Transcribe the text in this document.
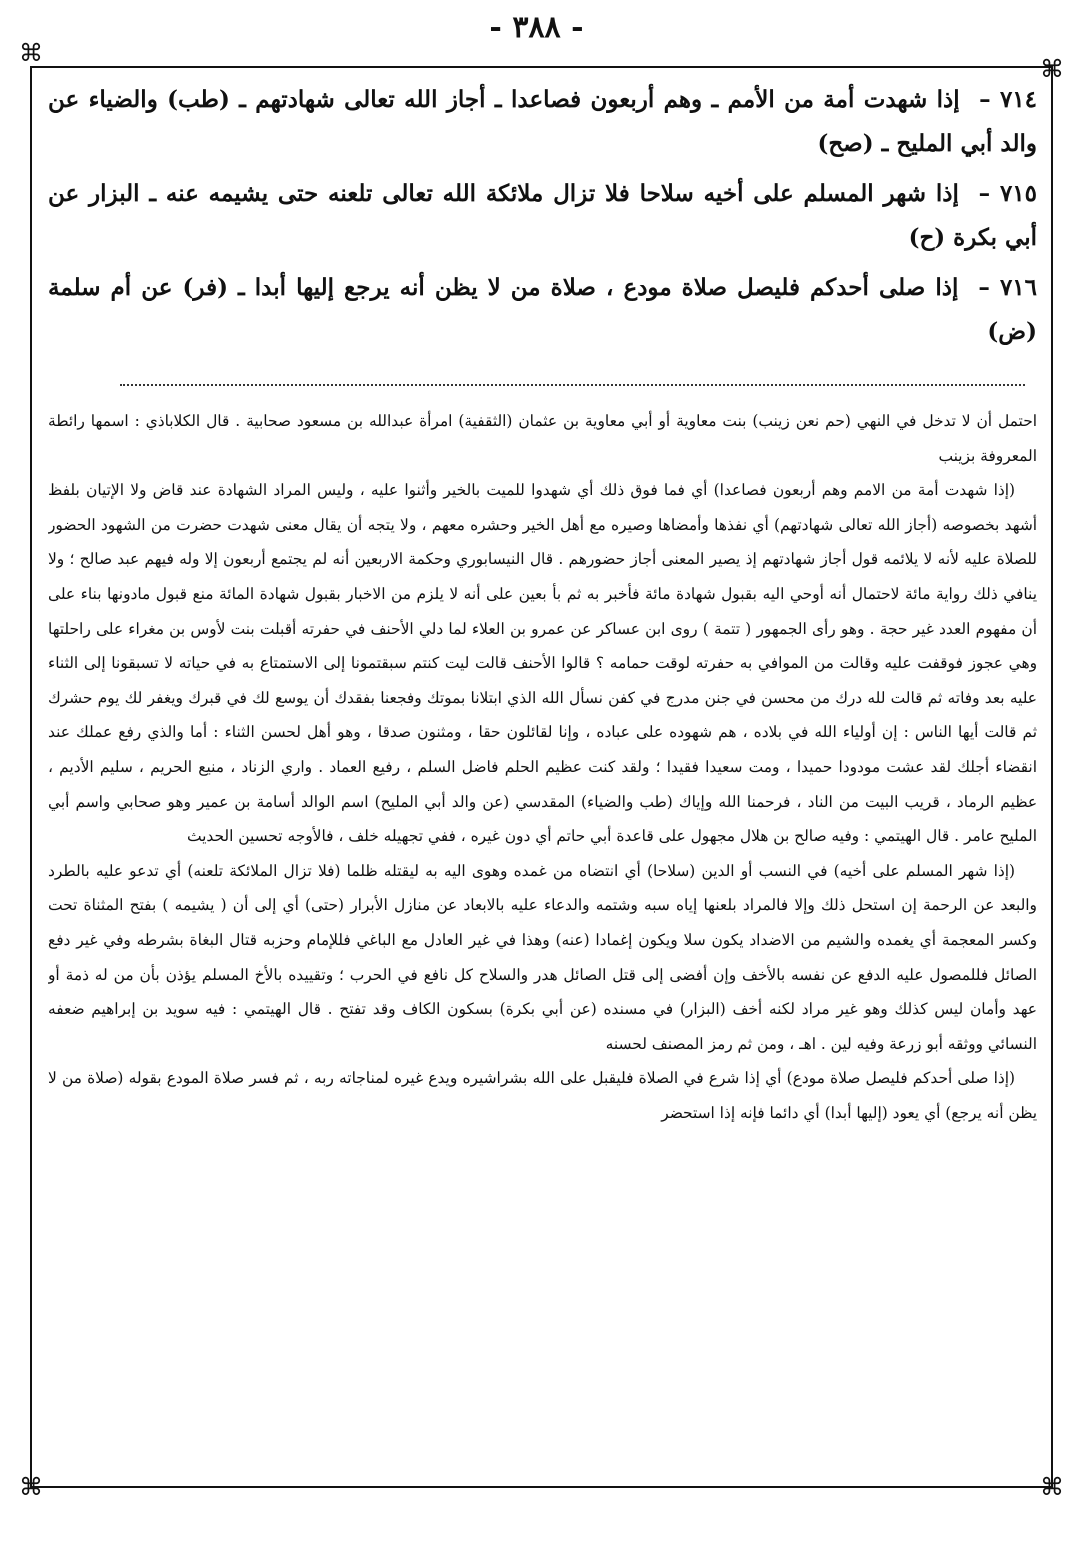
- ٣٨٨ -
⌘
⌘
⌘	⌘

٧١٤ – إذا شهدت أمة من الأمم ـ وهم أربعون فصاعدا ـ أجاز الله تعالى شهادتهم ـ (طب) والضياء عن والد أبي المليح ـ (صح)

٧١٥ – إذا شهر المسلم على أخيه سلاحا فلا تزال ملائكة الله تعالى تلعنه حتى يشيمه عنه ـ البزار عن أبي بكرة (ح)

٧١٦ – إذا صلى أحدكم فليصل صلاة مودع ، صلاة من لا يظن أنه يرجع إليها أبدا ـ (فر) عن أم سلمة (ض)

احتمل أن لا تدخل في النهي (حم نعن زينب) بنت معاوية أو أبي معاوية بن عثمان (الثقفية) امرأة عبدالله بن مسعود صحابية . قال الكلاباذي : اسمها رائطة المعروفة بزينب

(إذا شهدت أمة من الامم وهم أربعون فصاعدا) أي فما فوق ذلك أي شهدوا للميت بالخير وأثنوا عليه ، وليس المراد الشهادة عند قاض ولا الإتيان بلفظ أشهد بخصوصه (أجاز الله تعالى شهادتهم) أي نفذها وأمضاها وصيره مع أهل الخير وحشره معهم ، ولا يتجه أن يقال معنى شهدت حضرت من الشهود الحضور للصلاة عليه لأنه لا يلائمه قول أجاز شهادتهم إذ يصير المعنى أجاز حضورهم . قال النيسابوري وحكمة الاربعين أنه لم يجتمع أربعون إلا وله فيهم عبد صالح ؛ ولا ينافي ذلك رواية مائة لاحتمال أنه أوحي اليه بقبول شهادة مائة فأخبر به ثم بأ بعين على أنه لا يلزم من الاخبار بقبول شهادة المائة منع قبول مادونها بناء على أن مفهوم العدد غير حجة . وهو رأى الجمهور ( تتمة ) روى ابن عساكر عن عمرو بن العلاء لما دلي الأحنف في حفرته أقبلت بنت لأوس بن مغراء على راحلتها وهي عجوز فوقفت عليه وقالت من الموافي به حفرته لوقت حمامه ؟ قالوا الأحنف قالت ليت كنتم سبقتمونا إلى الاستمتاع به في حياته لا تسبقونا إلى الثناء عليه بعد وفاته ثم قالت لله درك من محسن في جنن مدرج في كفن نسأل الله الذي ابتلانا بموتك وفجعنا بفقدك أن يوسع لك في قبرك ويغفر لك يوم حشرك ثم قالت أيها الناس : إن أولياء الله في بلاده ، هم شهوده على عباده ، وإنا لقائلون حقا ، ومثنون صدقا ، وهو أهل لحسن الثناء : أما والذي رفع عملك عند انقضاء أجلك لقد عشت مودودا حميدا ، ومت سعيدا فقيدا ؛ ولقد كنت عظيم الحلم فاضل السلم ، رفيع العماد . واري الزناد ، منيع الحريم ، سليم الأديم ، عظيم الرماد ، قريب البيت من الناد ، فرحمنا الله وإياك (طب والضياء) المقدسي (عن والد أبي المليح) اسم الوالد أسامة بن عمير وهو صحابي واسم أبي المليح عامر . قال الهيتمي : وفيه صالح بن هلال مجهول على قاعدة أبي حاتم أي دون غيره ، ففي تجهيله خلف ، فالأوجه تحسين الحديث

(إذا شهر المسلم على أخيه) في النسب أو الدين (سلاحا) أي انتضاه من غمده وهوى اليه به ليقتله ظلما (فلا تزال الملائكة تلعنه) أي تدعو عليه بالطرد والبعد عن الرحمة إن استحل ذلك وإلا فالمراد بلعنها إياه سبه وشتمه والدعاء عليه بالابعاد عن منازل الأبرار (حتى) أي إلى أن ( يشيمه ) بفتح المثناة تحت وكسر المعجمة أي يغمده والشيم من الاضداد يكون سلا ويكون إغمادا (عنه) وهذا في غير العادل مع الباغي فللإمام وحزبه قتال البغاة بشرطه وفي غير دفع الصائل فللمصول عليه الدفع عن نفسه بالأخف وإن أفضى إلى قتل الصائل هدر والسلاح كل نافع في الحرب ؛ وتقييده بالأخ المسلم يؤذن بأن من له ذمة أو عهد وأمان ليس كذلك وهو غير مراد لكنه أخف (البزار) في مسنده (عن أبي بكرة) بسكون الكاف وقد تفتح . قال الهيتمي : فيه سويد بن إبراهيم ضعفه النسائي ووثقه أبو زرعة وفيه لين . اهـ ، ومن ثم رمز المصنف لحسنه

(إذا صلى أحدكم فليصل صلاة مودع) أي إذا شرع في الصلاة فليقبل على الله بشراشيره ويدع غيره لمناجاته ربه ، ثم فسر صلاة المودع بقوله (صلاة من لا يظن أنه يرجع) أي يعود (إليها أبدا) أي دائما فإنه إذا استحضر
